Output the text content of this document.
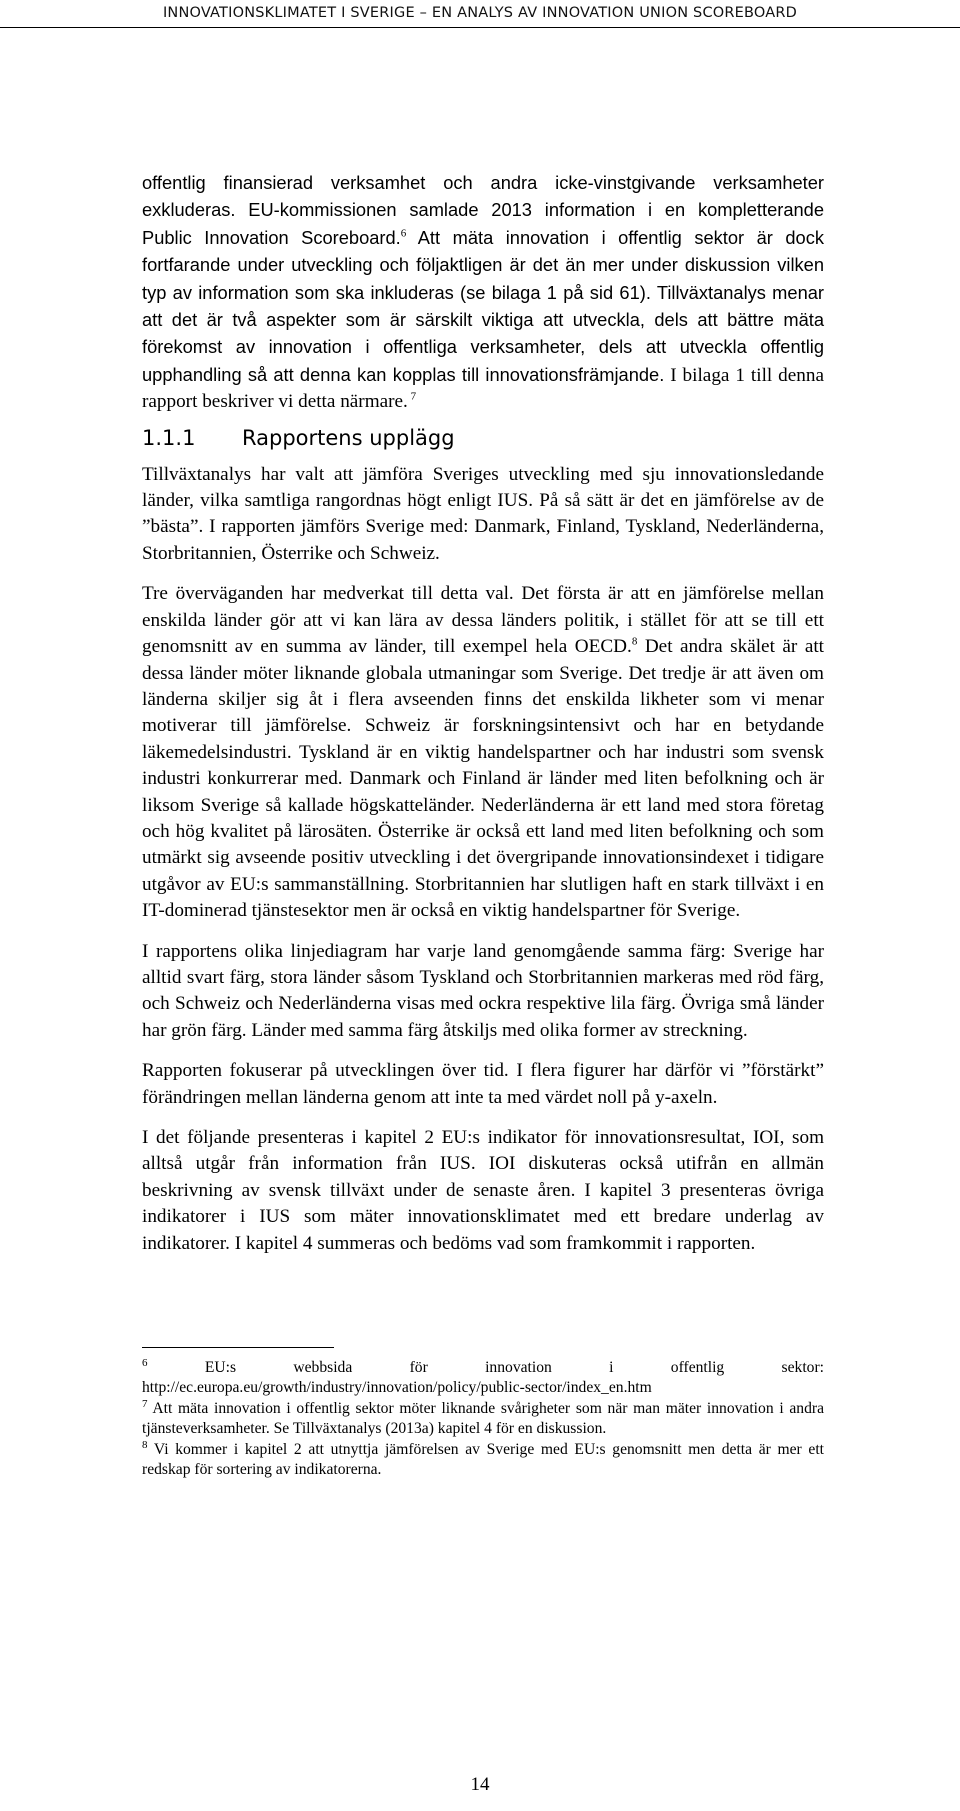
INNOVATIONSKLIMATET I SVERIGE – EN ANALYS AV INNOVATION UNION SCOREBOARD

offentlig finansierad verksamhet och andra icke-vinstgivande verksamheter exkluderas. EU-kommissionen samlade 2013 information i en kompletterande Public Innovation Scoreboard.$^6$ Att mäta innovation i offentlig sektor är dock fortfarande under utveckling och följaktligen är det än mer under diskussion vilken typ av information som ska inkluderas (se bilaga 1 på sid 61). Tillväxtanalys menar att det är två aspekter som är särskilt viktiga att utveckla, dels att bättre mäta förekomst av innovation i offentliga verksamheter, dels att utveckla offentlig upphandling så att denna kan kopplas till innovationsfrämjande. I bilaga 1 till denna rapport beskriver vi detta närmare. $^7$

1.1.1 Rapportens upplägg

Tillväxtanalys har valt att jämföra Sveriges utveckling med sju innovationsledande länder, vilka samtliga rangordnas högt enligt IUS. På så sätt är det en jämförelse av de ”bästa”. I rapporten jämförs Sverige med: Danmark, Finland, Tyskland, Nederländerna, Storbritannien, Österrike och Schweiz.

Tre överväganden har medverkat till detta val. Det första är att en jämförelse mellan enskilda länder gör att vi kan lära av dessa länders politik, i stället för att se till ett genomsnitt av en summa av länder, till exempel hela OECD.$^8$ Det andra skälet är att dessa länder möter liknande globala utmaningar som Sverige. Det tredje är att även om länderna skiljer sig åt i flera avseenden finns det enskilda likheter som vi menar motiverar till jämförelse. Schweiz är forskningsintensivt och har en betydande läkemedelsindustri. Tyskland är en viktig handelspartner och har industri som svensk industri konkurrerar med. Danmark och Finland är länder med liten befolkning och är liksom Sverige så kallade högskatteländer. Nederländerna är ett land med stora företag och hög kvalitet på lärosäten. Österrike är också ett land med liten befolkning och som utmärkt sig avseende positiv utveckling i det övergripande innovationsindexet i tidigare utgåvor av EU:s sammanställning. Storbritannien har slutligen haft en stark tillväxt i en IT-dominerad tjänstesektor men är också en viktig handelspartner för Sverige.

I rapportens olika linjediagram har varje land genomgående samma färg: Sverige har alltid svart färg, stora länder såsom Tyskland och Storbritannien markeras med röd färg, och Schweiz och Nederländerna visas med ockra respektive lila färg. Övriga små länder har grön färg. Länder med samma färg åtskiljs med olika former av streckning.

Rapporten fokuserar på utvecklingen över tid. I flera figurer har därför vi ”förstärkt” förändringen mellan länderna genom att inte ta med värdet noll på y-axeln.

I det följande presenteras i kapitel 2 EU:s indikator för innovationsresultat, IOI, som alltså utgår från information från IUS. IOI diskuteras också utifrån en allmän beskrivning av svensk tillväxt under de senaste åren. I kapitel 3 presenteras övriga indikatorer i IUS som mäter innovationsklimatet med ett bredare underlag av indikatorer. I kapitel 4 summeras och bedöms vad som framkommit i rapporten.

$^6$ EU:s webbsida för innovation i offentlig sektor: http://ec.europa.eu/growth/industry/innovation/policy/public-sector/index_en.htm

$^7$ Att mäta innovation i offentlig sektor möter liknande svårigheter som när man mäter innovation i andra tjänsteverksamheter. Se Tillväxtanalys (2013a) kapitel 4 för en diskussion.

$^8$ Vi kommer i kapitel 2 att utnyttja jämförelsen av Sverige med EU:s genomsnitt men detta är mer ett redskap för sortering av indikatorerna.

14
